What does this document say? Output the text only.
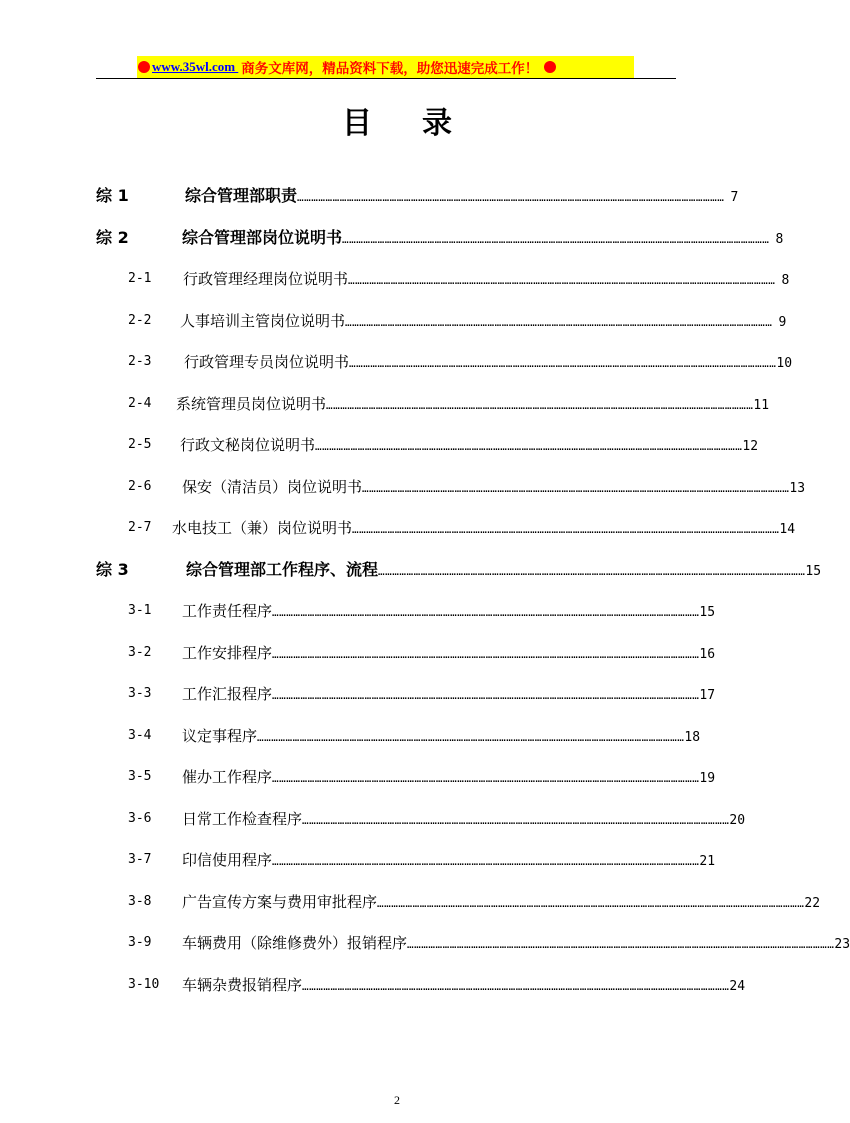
www.35wl.com 商务文库网，精品资料下载，助您迅速完成工作！
目录
综 1	综合管理部职责 ……………………………………………………………………………………………………………………………………………………………… 7
综 2	综合管理部岗位说明书 ……………………………………………………………………………………………………………………………………………………………… 8
2-1 行政管理经理岗位说明书 ……………………………………………………………………………………………………………………………………………………………… 8
2-2 人事培训主管岗位说明书 ……………………………………………………………………………………………………………………………………………………………… 9
2-3 行政管理专员岗位说明书 ……………………………………………………………………………………………………………………………………………………………… 10
2-4 系统管理员岗位说明书 ……………………………………………………………………………………………………………………………………………………………… 11
2-5 行政文秘岗位说明书 ……………………………………………………………………………………………………………………………………………………………… 12
2-6 保安（清洁员）岗位说明书 ……………………………………………………………………………………………………………………………………………………………… 13
2-7 水电技工（兼）岗位说明书 ……………………………………………………………………………………………………………………………………………………………… 14
综 3	综合管理部工作程序、流程 ……………………………………………………………………………………………………………………………………………………………… 15
3-1 工作责任程序 ……………………………………………………………………………………………………………………………………………………………… 15
3-2 工作安排程序 ……………………………………………………………………………………………………………………………………………………………… 16
3-3 工作汇报程序 ……………………………………………………………………………………………………………………………………………………………… 17
3-4 议定事程序 ……………………………………………………………………………………………………………………………………………………………… 18
3-5 催办工作程序 ……………………………………………………………………………………………………………………………………………………………… 19
3-6 日常工作检查程序 ……………………………………………………………………………………………………………………………………………………………… 20
3-7 印信使用程序 ……………………………………………………………………………………………………………………………………………………………… 21
3-8 广告宣传方案与费用审批程序 ……………………………………………………………………………………………………………………………………………………………… 22
3-9 车辆费用（除维修费外）报销程序 ……………………………………………………………………………………………………………………………………………………………… 23
3-10 车辆杂费报销程序 ……………………………………………………………………………………………………………………………………………………………… 24
2
